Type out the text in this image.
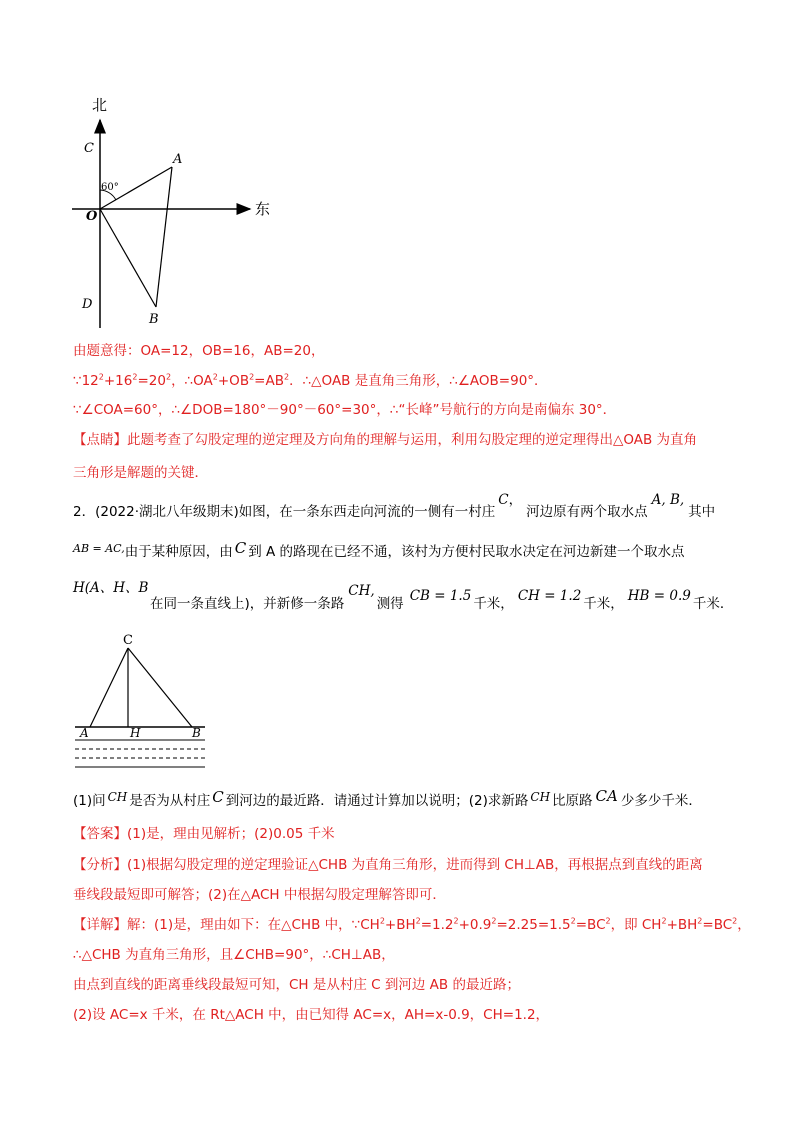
北
东
60°
C
A
O
D
B
由题意得：OA=12，OB=16，AB=20，
$\because 12^2+16^2=20^2$，$\therefore OA^2+OB^2=AB^2$．∴△OAB 是直角三角形，∴∠AOB=90°．
∵∠COA=60°，∴∠DOB=180°－90°－60°=30°，∴“长峰”号航行的方向是南偏东 30°．
【点睛】此题考查了勾股定理的逆定理及方向角的理解与运用，利用勾股定理的逆定理得出△OAB 为直角
三角形是解题的关键．
2．(2022·湖北八年级期末)如图，在一条东西走向河流的一侧有一村庄C，河边原有两个取水点A, B,其中
$^{AB = AC,}$由于某种原因，由 C 到 A 的路现在已经不通，该村为方便村民取水决定在河边新建一个取水点
H(A、H、B
在同一条直线上)，并新修一条路CH,测得 CB = 1.5 千米， CH = 1.2 千米， HB = 0.9 千米．
C
A	H	B
(1)问 CH 是否为从村庄 C 到河边的最近路．请通过计算加以说明；(2)求新路 CH 比原路 CA 少多少千米．
【答案】(1)是，理由见解析；(2)0.05 千米
【分析】(1)根据勾股定理的逆定理验证△CHB 为直角三角形，进而得到 CH⊥AB，再根据点到直线的距离
垂线段最短即可解答；(2)在△ACH 中根据勾股定理解答即可．
【详解】解：(1)是，理由如下：在△CHB 中，$\because CH^2+BH^2=1.2^2+0.9^2=2.25=1.5^2=BC^2$，即 $CH^2+BH^2=BC^2$，
∴△CHB 为直角三角形，且∠CHB=90°，∴CH⊥AB，
由点到直线的距离垂线段最短可知，CH 是从村庄 C 到河边 AB 的最近路；
(2)设 AC=x 千米，在 Rt△ACH 中，由已知得 AC=x，AH=x-0.9，CH=1.2，
